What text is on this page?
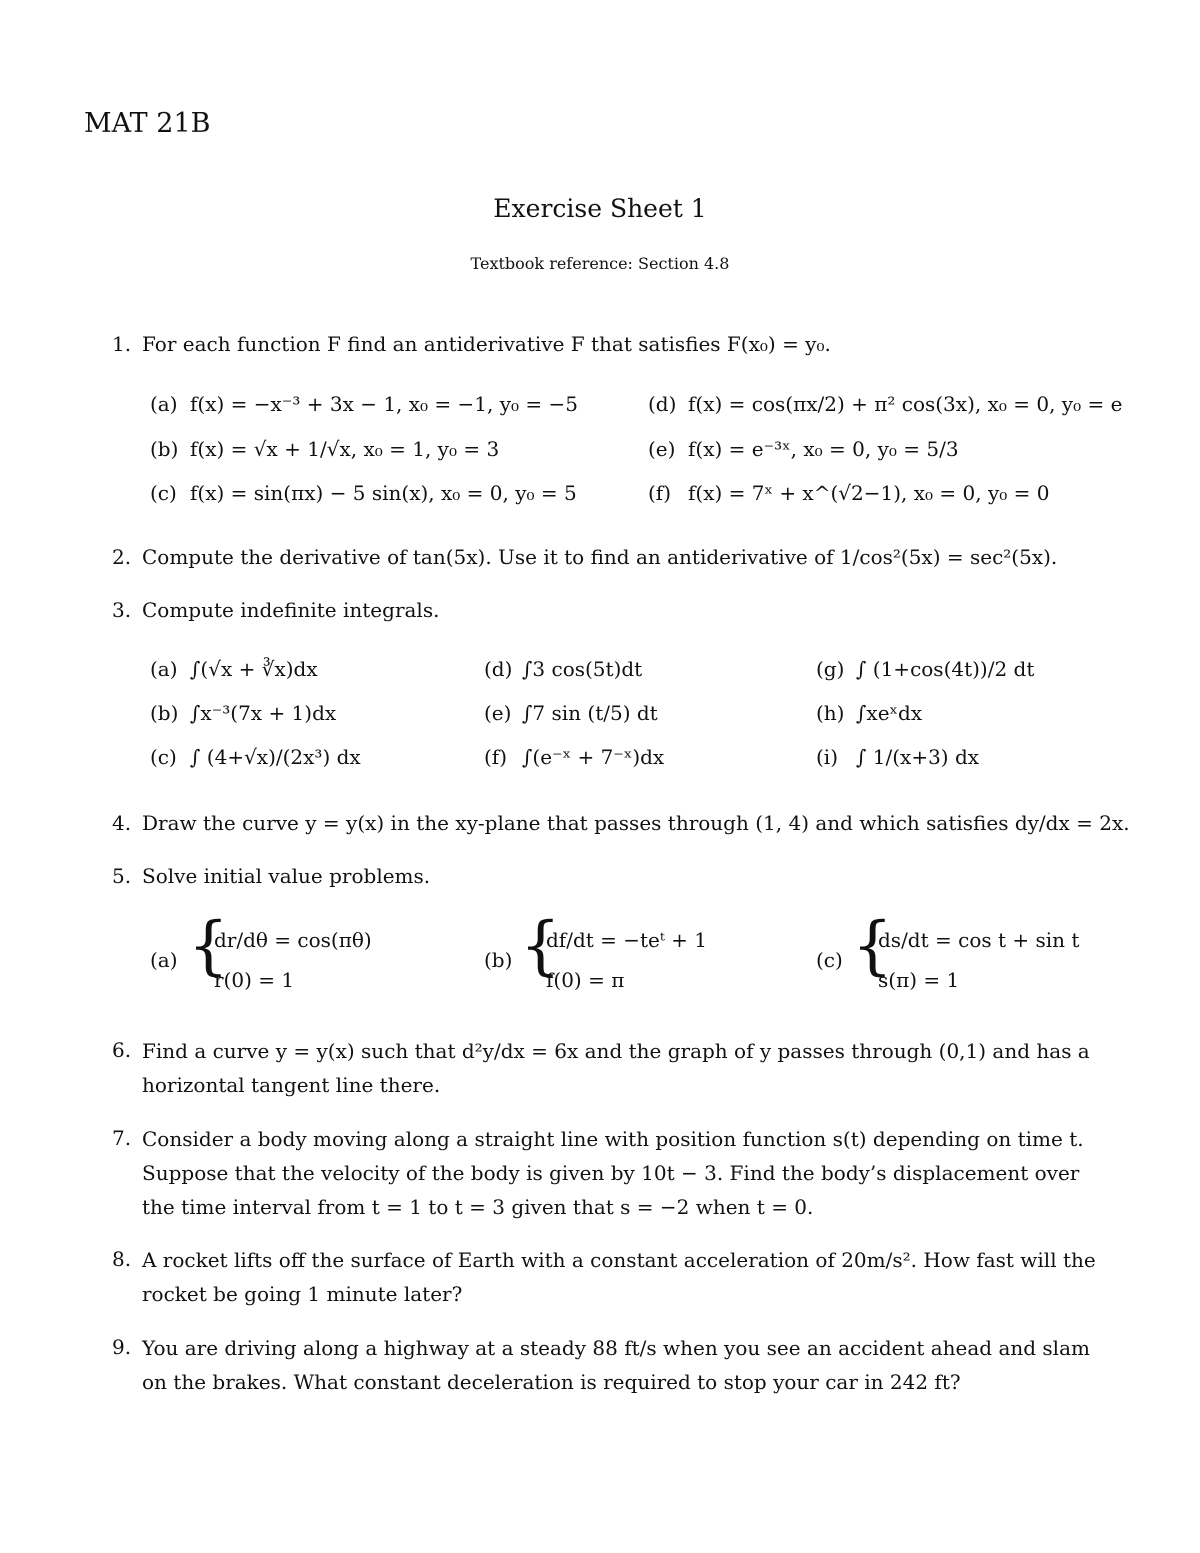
MAT 21B
Exercise Sheet 1
Textbook reference: Section 4.8
1. For each function F find an antiderivative F that satisfies F(x₀) = y₀.
(a) f(x) = −x⁻³ + 3x − 1, x₀ = −1, y₀ = −5
(b) f(x) = √x + 1/√x, x₀ = 1, y₀ = 3
(c) f(x) = sin(πx) − 5 sin(x), x₀ = 0, y₀ = 5
(d) f(x) = cos(πx/2) + π² cos(3x), x₀ = 0, y₀ = e
(e) f(x) = e⁻³ˣ, x₀ = 0, y₀ = 5/3
(f) f(x) = 7ˣ + x^(√2−1), x₀ = 0, y₀ = 0
2. Compute the derivative of tan(5x). Use it to find an antiderivative of 1/cos²(5x) = sec²(5x).
3. Compute indefinite integrals.
(a) ∫(√x + ∛x)dx
(b) ∫x⁻³(7x + 1)dx
(c) ∫ (4+√x)/(2x³) dx
(d) ∫3 cos(5t)dt
(e) ∫7 sin (t/5) dt
(f) ∫(e⁻ˣ + 7⁻ˣ)dx
(g) ∫ (1+cos(4t))/2 dt
(h) ∫xeˣdx
(i) ∫ 1/(x+3) dx
4. Draw the curve y = y(x) in the xy-plane that passes through (1, 4) and which satisfies dy/dx = 2x.
5. Solve initial value problems.
(a) {
dr/dθ = cos(πθ)
r(0) = 1
(b) {
df/dt = −teᵗ + 1
f(0) = π
(c) {
ds/dt = cos t + sin t
s(π) = 1
6. Find a curve y = y(x) such that d²y/dx = 6x and the graph of y passes through (0,1) and has a horizontal tangent line there.
7. Consider a body moving along a straight line with position function s(t) depending on time t. Suppose that the velocity of the body is given by 10t − 3. Find the body’s displacement over the time interval from t = 1 to t = 3 given that s = −2 when t = 0.
8. A rocket lifts off the surface of Earth with a constant acceleration of 20m/s². How fast will the rocket be going 1 minute later?
9. You are driving along a highway at a steady 88 ft/s when you see an accident ahead and slam on the brakes. What constant deceleration is required to stop your car in 242 ft?
